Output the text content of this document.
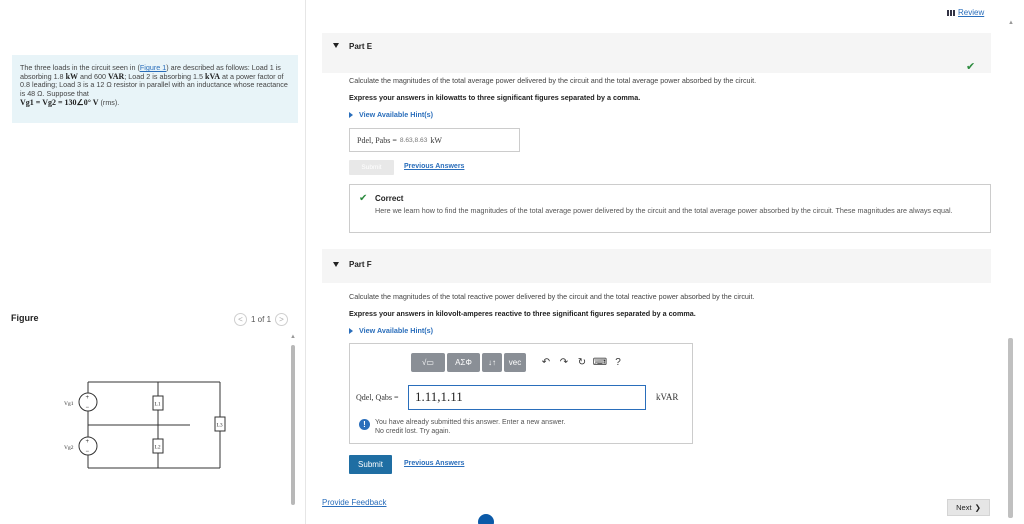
The three loads in the circuit seen in (Figure 1) are described as follows: Load 1 is absorbing 1.8 kW and 600 VAR; Load 2 is absorbing 1.5 kVA at a power factor of 0.8 leading; Load 3 is a 12 Ω resistor in parallel with an inductance whose reactance is 48 Ω. Suppose that
Vg1 = Vg2 = 130∠0° V (rms).
Figure	<	1 of 1	>
+
−
+
−
Vg1
Vg2
L1
L2
L3
▲
Review
▲
Part E
✔
Calculate the magnitudes of the total average power delivered by the circuit and the total average power absorbed by the circuit.
Express your answers in kilowatts to three significant figures separated by a comma.
View Available Hint(s)
Pdel, Pabs = 8.63,8.63 kW
Submit	Previous Answers
✔ Correct
Here we learn how to find the magnitudes of the total average power delivered by the circuit and the total average power absorbed by the circuit. These magnitudes are always equal.
Part F
Calculate the magnitudes of the total reactive power delivered by the circuit and the total reactive power absorbed by the circuit.
Express your answers in kilovolt-amperes reactive to three significant figures separated by a comma.
View Available Hint(s)
√▭	ΑΣΦ	↓↑	vec	↶ ↷ ↻ ⌨ ?
Qdel, Qabs =	1.11,1.11
!	You have already submitted this answer. Enter a new answer.
No credit lost. Try again.
kVAR
Submit	Previous Answers
Provide Feedback
Next ❯
